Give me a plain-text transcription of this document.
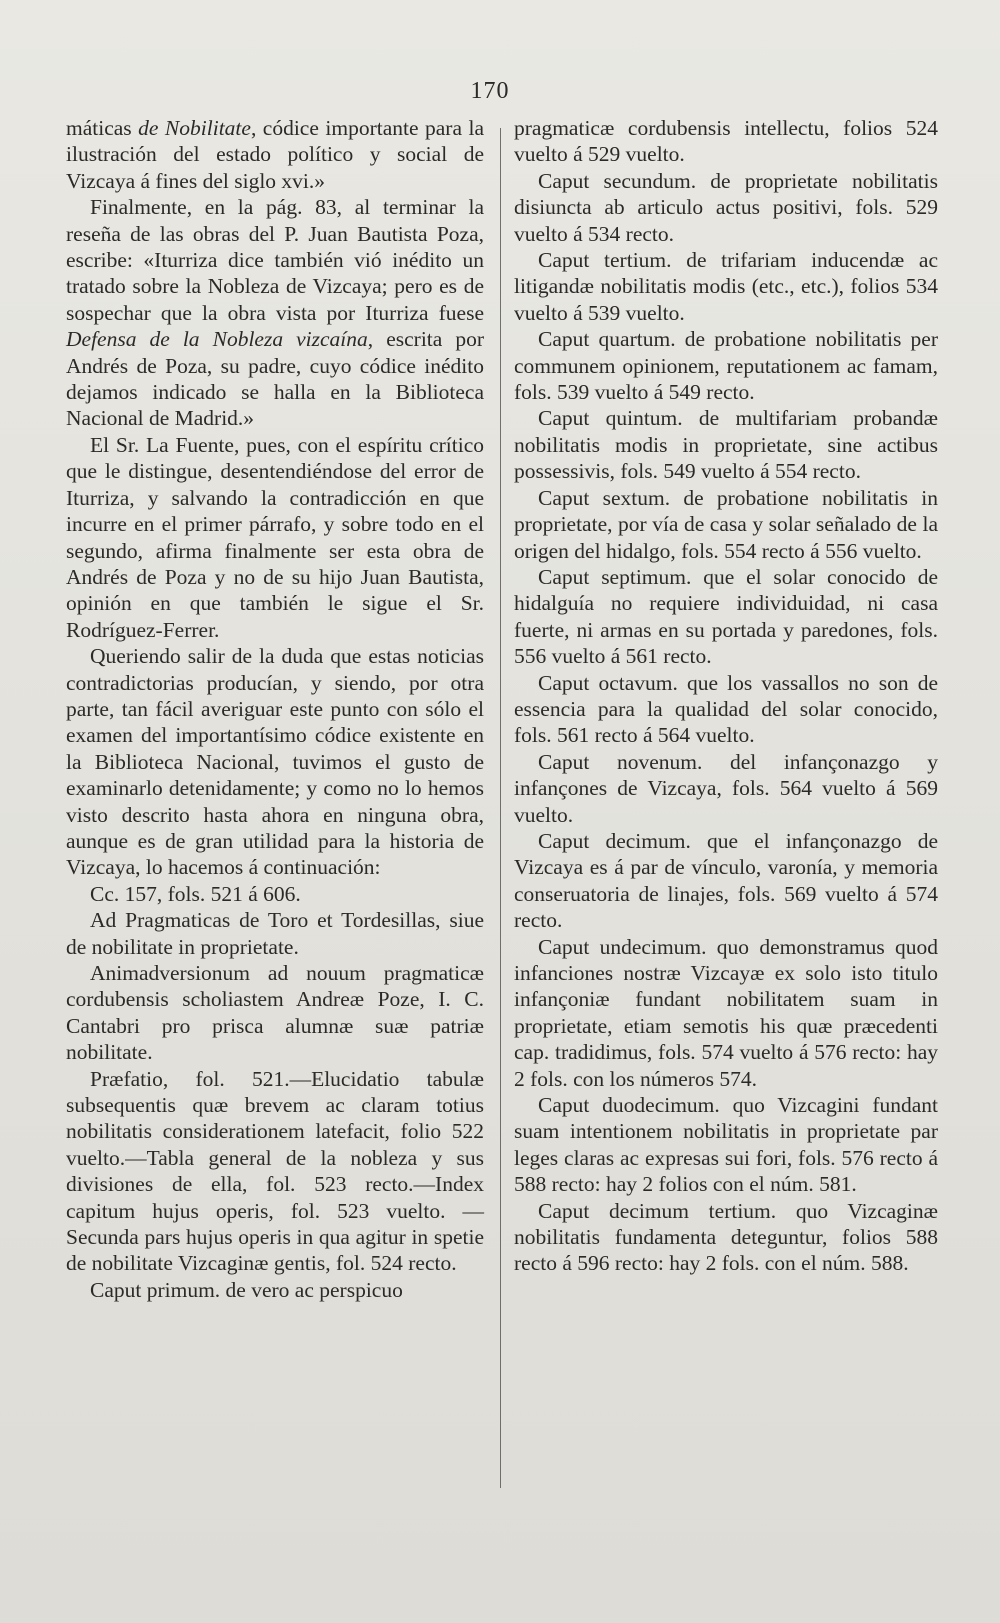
170

máticas de Nobilitate, códice importante para la ilustración del estado político y social de Vizcaya á fines del siglo xvi.»

Finalmente, en la pág. 83, al terminar la reseña de las obras del P. Juan Bautista Poza, escribe: «Iturriza dice también vió inédito un tratado sobre la Nobleza de Vizcaya; pero es de sospechar que la obra vista por Iturriza fuese Defensa de la Nobleza vizcaína, escrita por Andrés de Poza, su padre, cuyo códice inédito dejamos indicado se halla en la Biblioteca Nacional de Madrid.»

El Sr. La Fuente, pues, con el espíritu crítico que le distingue, desentendiéndose del error de Iturriza, y salvando la contradicción en que incurre en el primer párrafo, y sobre todo en el segundo, afirma finalmente ser esta obra de Andrés de Poza y no de su hijo Juan Bautista, opinión en que también le sigue el Sr. Rodríguez-Ferrer.

Queriendo salir de la duda que estas noticias contradictorias producían, y siendo, por otra parte, tan fácil averiguar este punto con sólo el examen del importantísimo códice existente en la Biblioteca Nacional, tuvimos el gusto de examinarlo detenidamente; y como no lo hemos visto descrito hasta ahora en ninguna obra, aunque es de gran utilidad para la historia de Vizcaya, lo hacemos á continuación:

Cc. 157, fols. 521 á 606.

Ad Pragmaticas de Toro et Tordesillas, siue de nobilitate in proprietate.

Animadversionum ad nouum pragmaticæ cordubensis scholiastem Andreæ Poze, I. C. Cantabri pro prisca alumnæ suæ patriæ nobilitate.

Præfatio, fol. 521.—Elucidatio tabulæ subsequentis quæ brevem ac claram totius nobilitatis considerationem latefacit, folio 522 vuelto.—Tabla general de la nobleza y sus divisiones de ella, fol. 523 recto.—Index capitum hujus operis, fol. 523 vuelto. —Secunda pars hujus operis in qua agitur in spetie de nobilitate Vizcaginæ gentis, fol. 524 recto.

Caput primum. de vero ac perspicuo

pragmaticæ cordubensis intellectu, folios 524 vuelto á 529 vuelto.

Caput secundum. de proprietate nobilitatis disiuncta ab articulo actus positivi, fols. 529 vuelto á 534 recto.

Caput tertium. de trifariam inducendæ ac litigandæ nobilitatis modis (etc., etc.), folios 534 vuelto á 539 vuelto.

Caput quartum. de probatione nobilitatis per communem opinionem, reputationem ac famam, fols. 539 vuelto á 549 recto.

Caput quintum. de multifariam probandæ nobilitatis modis in proprietate, sine actibus possessivis, fols. 549 vuelto á 554 recto.

Caput sextum. de probatione nobilitatis in proprietate, por vía de casa y solar señalado de la origen del hidalgo, fols. 554 recto á 556 vuelto.

Caput septimum. que el solar conocido de hidalguía no requiere individuidad, ni casa fuerte, ni armas en su portada y paredones, fols. 556 vuelto á 561 recto.

Caput octavum. que los vassallos no son de essencia para la qualidad del solar conocido, fols. 561 recto á 564 vuelto.

Caput novenum. del infançonazgo y infançones de Vizcaya, fols. 564 vuelto á 569 vuelto.

Caput decimum. que el infançonazgo de Vizcaya es á par de vínculo, varonía, y memoria conseruatoria de linajes, fols. 569 vuelto á 574 recto.

Caput undecimum. quo demonstramus quod infanciones nostræ Vizcayæ ex solo isto titulo infançoniæ fundant nobilitatem suam in proprietate, etiam semotis his quæ præcedenti cap. tradidimus, fols. 574 vuelto á 576 recto: hay 2 fols. con los números 574.

Caput duodecimum. quo Vizcagini fundant suam intentionem nobilitatis in proprietate par leges claras ac expresas sui fori, fols. 576 recto á 588 recto: hay 2 folios con el núm. 581.

Caput decimum tertium. quo Vizcaginæ nobilitatis fundamenta deteguntur, folios 588 recto á 596 recto: hay 2 fols. con el núm. 588.
